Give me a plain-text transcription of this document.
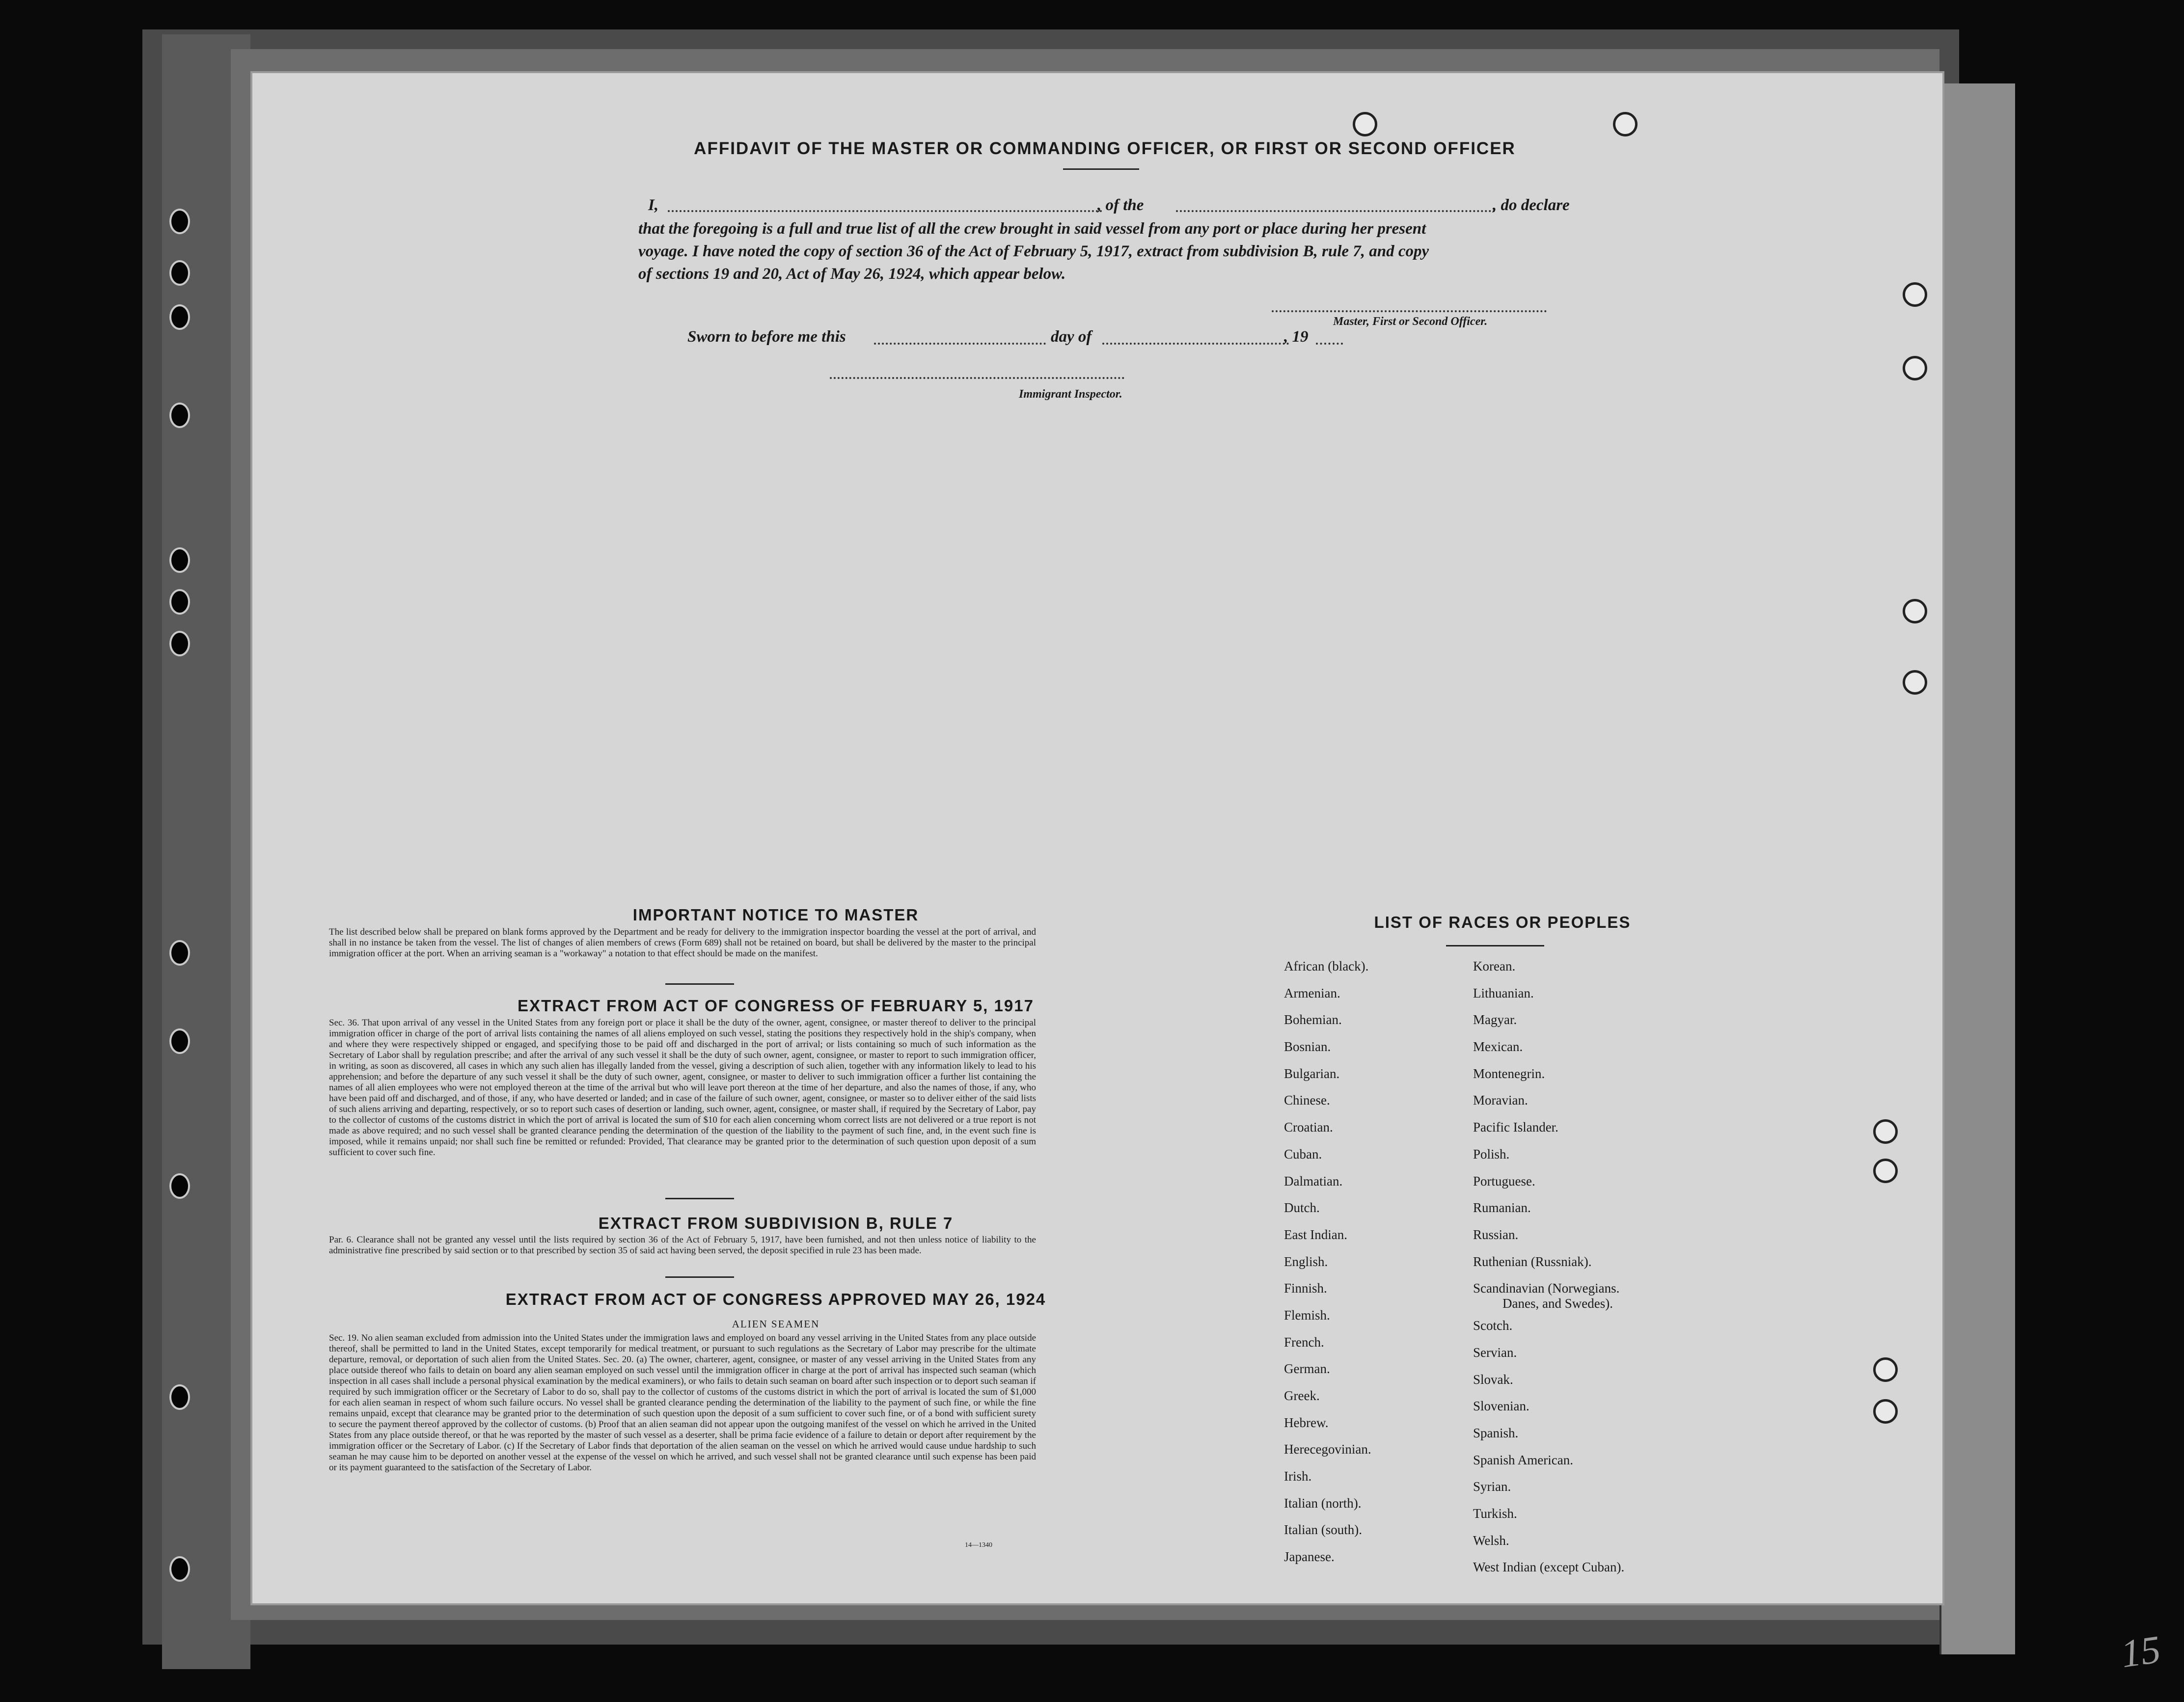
AFFIDAVIT OF THE MASTER OR COMMANDING OFFICER, OR FIRST OR SECOND OFFICER
I,	, of the	, do declare
that the foregoing is a full and true list of all the crew brought in said vessel from any port or place during her present
voyage. I have noted the copy of section 36 of the Act of February 5, 1917, extract from subdivision B, rule 7, and copy
of sections 19 and 20, Act of May 26, 1924, which appear below.
Master, First or Second Officer.
Sworn to before me this	day of	, 19
Immigrant Inspector.
IMPORTANT NOTICE TO MASTER
The list described below shall be prepared on blank forms approved by the Department and be ready for delivery to the immigration inspector boarding the vessel at the port of arrival, and shall in no instance be taken from the vessel. The list of changes of alien members of crews (Form 689) shall not be retained on board, but shall be delivered by the master to the principal immigration officer at the port. When an arriving seaman is a "workaway" a notation to that effect should be made on the manifest.
EXTRACT FROM ACT OF CONGRESS OF FEBRUARY 5, 1917
Sec. 36. That upon arrival of any vessel in the United States from any foreign port or place it shall be the duty of the owner, agent, consignee, or master thereof to deliver to the principal immigration officer in charge of the port of arrival lists containing the names of all aliens employed on such vessel, stating the positions they respectively hold in the ship's company, when and where they were respectively shipped or engaged, and specifying those to be paid off and discharged in the port of arrival; or lists containing so much of such information as the Secretary of Labor shall by regulation prescribe; and after the arrival of any such vessel it shall be the duty of such owner, agent, consignee, or master to report to such immigration officer, in writing, as soon as discovered, all cases in which any such alien has illegally landed from the vessel, giving a description of such alien, together with any information likely to lead to his apprehension; and before the departure of any such vessel it shall be the duty of such owner, agent, consignee, or master to deliver to such immigration officer a further list containing the names of all alien employees who were not employed thereon at the time of the arrival but who will leave port thereon at the time of her departure, and also the names of those, if any, who have been paid off and discharged, and of those, if any, who have deserted or landed; and in case of the failure of such owner, agent, consignee, or master so to deliver either of the said lists of such aliens arriving and departing, respectively, or so to report such cases of desertion or landing, such owner, agent, consignee, or master shall, if required by the Secretary of Labor, pay to the collector of customs of the customs district in which the port of arrival is located the sum of $10 for each alien concerning whom correct lists are not delivered or a true report is not made as above required; and no such vessel shall be granted clearance pending the determination of the question of the liability to the payment of such fine, and, in the event such fine is imposed, while it remains unpaid; nor shall such fine be remitted or refunded: Provided, That clearance may be granted prior to the determination of such question upon deposit of a sum sufficient to cover such fine.
EXTRACT FROM SUBDIVISION B, RULE 7
Par. 6. Clearance shall not be granted any vessel until the lists required by section 36 of the Act of February 5, 1917, have been furnished, and not then unless notice of liability to the administrative fine prescribed by said section or to that prescribed by section 35 of said act having been served, the deposit specified in rule 23 has been made.
EXTRACT FROM ACT OF CONGRESS APPROVED MAY 26, 1924
ALIEN SEAMEN
Sec. 19. No alien seaman excluded from admission into the United States under the immigration laws and employed on board any vessel arriving in the United States from any place outside thereof, shall be permitted to land in the United States, except temporarily for medical treatment, or pursuant to such regulations as the Secretary of Labor may prescribe for the ultimate departure, removal, or deportation of such alien from the United States. Sec. 20. (a) The owner, charterer, agent, consignee, or master of any vessel arriving in the United States from any place outside thereof who fails to detain on board any alien seaman employed on such vessel until the immigration officer in charge at the port of arrival has inspected such seaman (which inspection in all cases shall include a personal physical examination by the medical examiners), or who fails to detain such seaman on board after such inspection or to deport such seaman if required by such immigration officer or the Secretary of Labor to do so, shall pay to the collector of customs of the customs district in which the port of arrival is located the sum of $1,000 for each alien seaman in respect of whom such failure occurs. No vessel shall be granted clearance pending the determination of the liability to the payment of such fine, or while the fine remains unpaid, except that clearance may be granted prior to the determination of such question upon the deposit of a sum sufficient to cover such fine, or of a bond with sufficient surety to secure the payment thereof approved by the collector of customs. (b) Proof that an alien seaman did not appear upon the outgoing manifest of the vessel on which he arrived in the United States from any place outside thereof, or that he was reported by the master of such vessel as a deserter, shall be prima facie evidence of a failure to detain or deport after requirement by the immigration officer or the Secretary of Labor. (c) If the Secretary of Labor finds that deportation of the alien seaman on the vessel on which he arrived would cause undue hardship to such seaman he may cause him to be deported on another vessel at the expense of the vessel on which he arrived, and such vessel shall not be granted clearance until such expense has been paid or its payment guaranteed to the satisfaction of the Secretary of Labor.
14—1340
LIST OF RACES OR PEOPLES
African (black).
Armenian.
Bohemian.
Bosnian.
Bulgarian.
Chinese.
Croatian.
Cuban.
Dalmatian.
Dutch.
East Indian.
English.
Finnish.
Flemish.
French.
German.
Greek.
Hebrew.
Herecegovinian.
Irish.
Italian (north).
Italian (south).
Japanese.
Korean.
Lithuanian.
Magyar.
Mexican.
Montenegrin.
Moravian.
Pacific Islander.
Polish.
Portuguese.
Rumanian.
Russian.
Ruthenian (Russniak).
Scandinavian (Norwegians.
Danes, and Swedes).
Scotch.
Servian.
Slovak.
Slovenian.
Spanish.
Spanish American.
Syrian.
Turkish.
Welsh.
West Indian (except Cuban).
15
